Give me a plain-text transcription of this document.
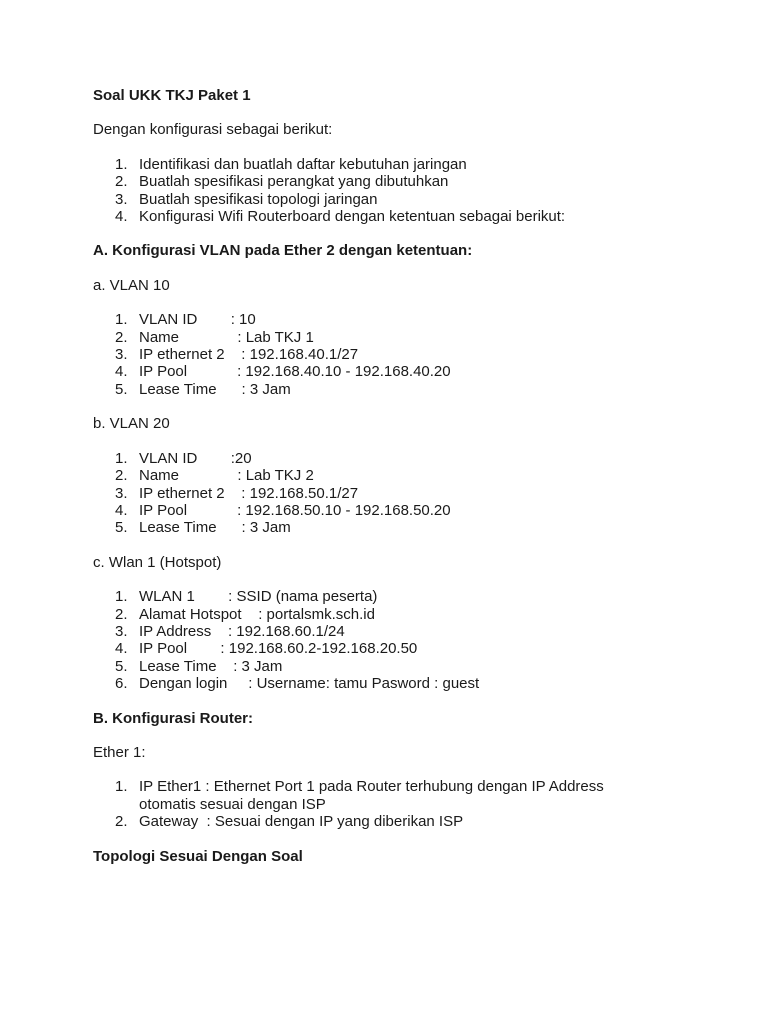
Soal UKK TKJ Paket 1

Dengan konfigurasi sebagai berikut:

1. Identifikasi dan buatlah daftar kebutuhan jaringan
2. Buatlah spesifikasi perangkat yang dibutuhkan
3. Buatlah spesifikasi topologi jaringan
4. Konfigurasi Wifi Routerboard dengan ketentuan sebagai berikut:

A. Konfigurasi VLAN pada Ether 2 dengan ketentuan:

a. VLAN 10

1. VLAN ID        : 10
2. Name              : Lab TKJ 1
3. IP ethernet 2    : 192.168.40.1/27
4. IP Pool            : 192.168.40.10 - 192.168.40.20
5. Lease Time      : 3 Jam

b. VLAN 20

1. VLAN ID        :20
2. Name              : Lab TKJ 2
3. IP ethernet 2    : 192.168.50.1/27
4. IP Pool            : 192.168.50.10 - 192.168.50.20
5. Lease Time      : 3 Jam

c. Wlan 1 (Hotspot)

1. WLAN 1        : SSID (nama peserta)
2. Alamat Hotspot    : portalsmk.sch.id
3. IP Address    : 192.168.60.1/24
4. IP Pool        : 192.168.60.2-192.168.20.50
5. Lease Time    : 3 Jam
6. Dengan login     : Username: tamu Pasword : guest

B. Konfigurasi Router:

Ether 1:

1. IP Ether1 : Ethernet Port 1 pada Router terhubung dengan IP Address otomatis sesuai dengan ISP
2. Gateway  : Sesuai dengan IP yang diberikan ISP

Topologi Sesuai Dengan Soal
